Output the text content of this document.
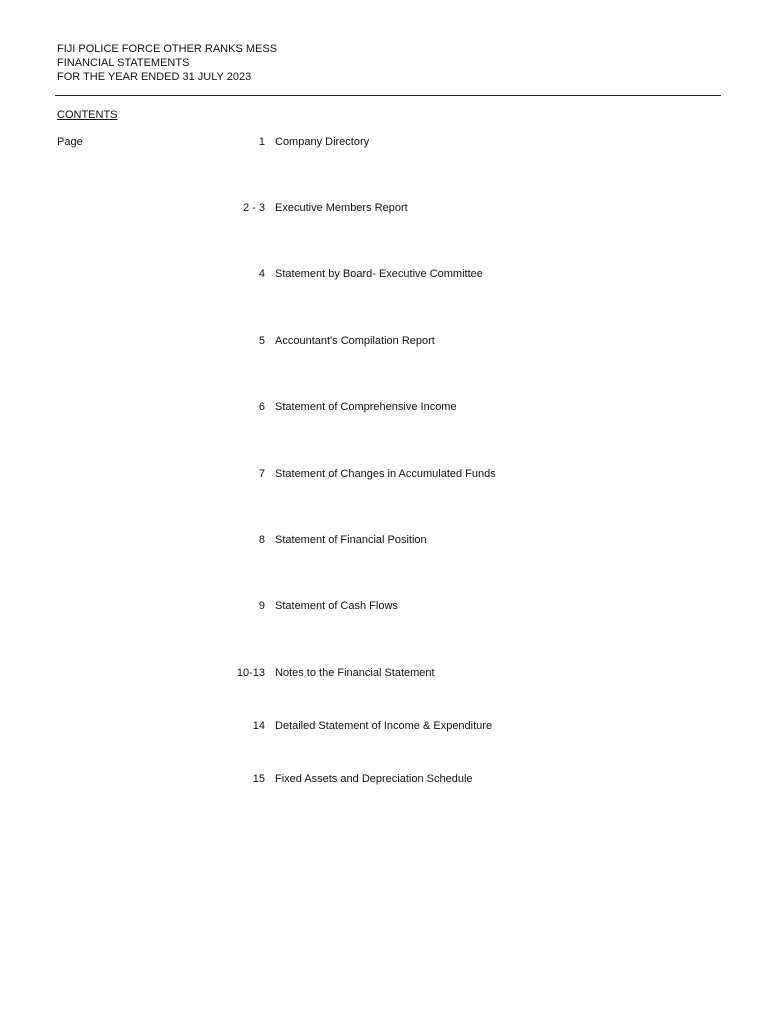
FIJI POLICE FORCE OTHER RANKS MESS
FINANCIAL STATEMENTS
FOR THE YEAR ENDED 31 JULY 2023
CONTENTS
Page	1 Company Directory
2 - 3 Executive Members Report
4 Statement by Board- Executive Committee
5 Accountant's Compilation Report
6 Statement of Comprehensive Income
7 Statement of Changes in Accumulated Funds
8 Statement of Financial Position
9 Statement of Cash Flows
10-13 Notes to the Financial Statement
14 Detailed Statement of Income & Expenditure
15 Fixed Assets and Depreciation Schedule
